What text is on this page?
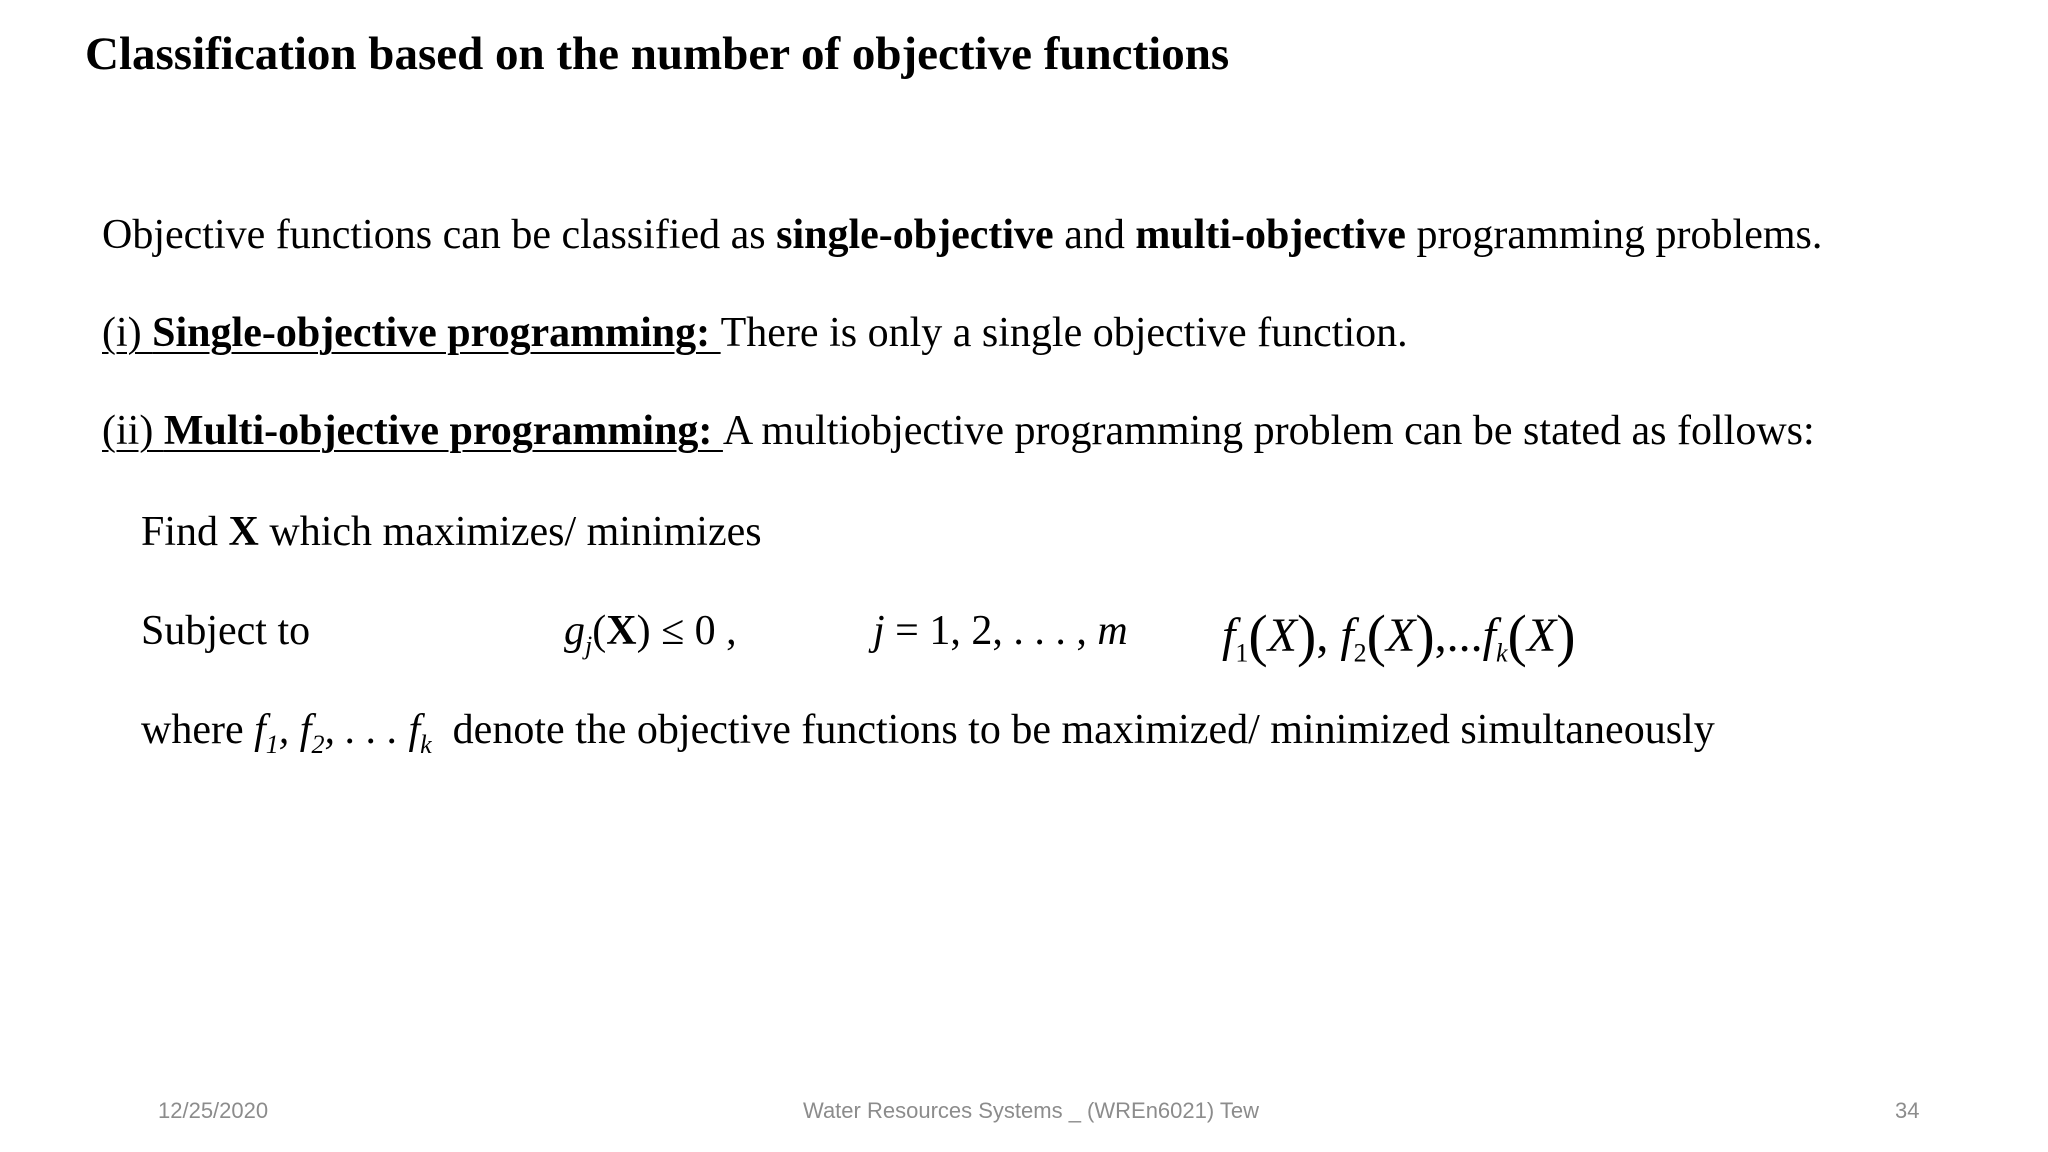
Classification based on the number of objective functions
Objective functions can be classified as single-objective and multi-objective programming problems.
(i) Single-objective programming: There is only a single objective function.
(ii) Multi-objective programming: A multiobjective programming problem can be stated as follows:
Find X which maximizes/ minimizes
Subject to	$g_j(X) \le 0$ ,	j = 1, 2, . . . , m $f_1(X)$, $f_2(X),...f_k(X)$
where $f_1$, $f_2$, . . . $f_k$  denote the objective functions to be maximized/ minimized simultaneously
12/25/2020	Water Resources Systems _ (WREn6021) Tew	34
